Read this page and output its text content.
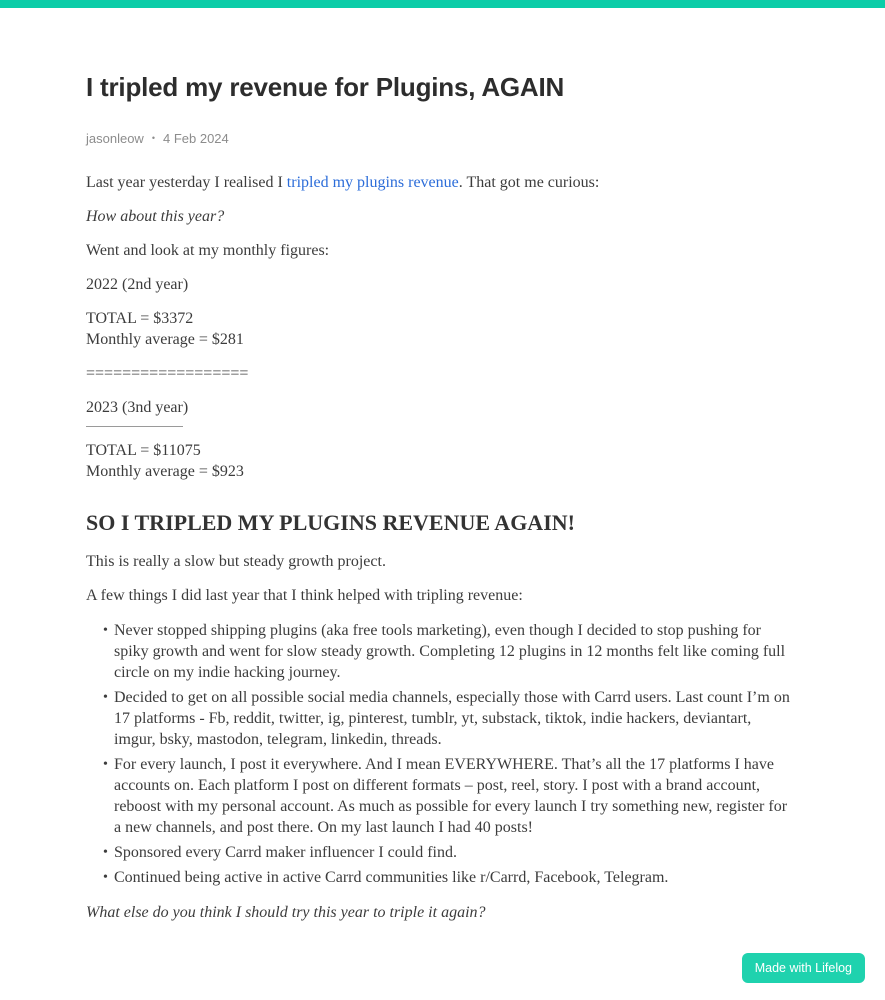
I tripled my revenue for Plugins, AGAIN
jasonleow • 4 Feb 2024

Last year yesterday I realised I tripled my plugins revenue. That got me curious:

How about this year?

Went and look at my monthly figures:

2022 (2nd year)

TOTAL = $3372
Monthly average = $281

==================

2023 (3nd year)

TOTAL = $11075
Monthly average = $923

SO I TRIPLED MY PLUGINS REVENUE AGAIN!

This is really a slow but steady growth project.

A few things I did last year that I think helped with tripling revenue:

• Never stopped shipping plugins (aka free tools marketing), even though I decided to stop pushing for spiky growth and went for slow steady growth. Completing 12 plugins in 12 months felt like coming full circle on my indie hacking journey.
• Decided to get on all possible social media channels, especially those with Carrd users. Last count I’m on 17 platforms - Fb, reddit, twitter, ig, pinterest, tumblr, yt, substack, tiktok, indie hackers, deviantart, imgur, bsky, mastodon, telegram, linkedin, threads.
• For every launch, I post it everywhere. And I mean EVERYWHERE. That’s all the 17 platforms I have accounts on. Each platform I post on different formats – post, reel, story. I post with a brand account, reboost with my personal account. As much as possible for every launch I try something new, register for a new channels, and post there. On my last launch I had 40 posts!
• Sponsored every Carrd maker influencer I could find.
• Continued being active in active Carrd communities like r/Carrd, Facebook, Telegram.

What else do you think I should try this year to triple it again?

Made with Lifelog
